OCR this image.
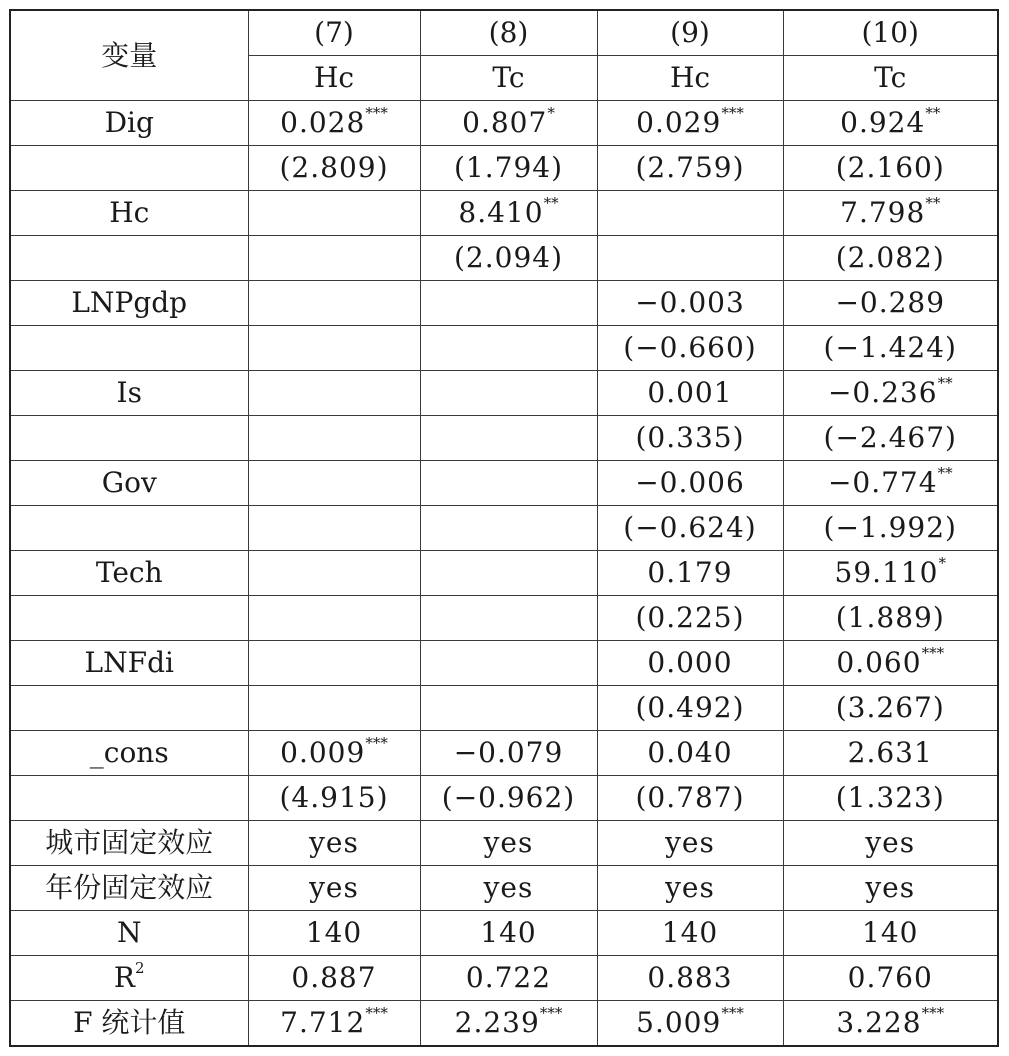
变量	(7)	(8)	(9)	(10)
	Hc	Tc	Hc	Tc
Dig	0.028***	0.807*	0.029***	0.924**
	(2.809)	(1.794)	(2.759)	(2.160)
Hc		8.410**		7.798**
		(2.094)		(2.082)
LNPgdp			−0.003	−0.289
			(−0.660)	(−1.424)
Is			0.001	−0.236**
			(0.335)	(−2.467)
Gov			−0.006	−0.774**
			(−0.624)	(−1.992)
Tech			0.179	59.110*
			(0.225)	(1.889)
LNFdi			0.000	0.060***
			(0.492)	(3.267)
_cons	0.009***	−0.079	0.040	2.631
	(4.915)	(−0.962)	(0.787)	(1.323)
城市固定效应	yes	yes	yes	yes
年份固定效应	yes	yes	yes	yes
N	140	140	140	140
$R^2$	0.887	0.722	0.883	0.760
F 统计值	7.712***	2.239***	5.009***	3.228***
